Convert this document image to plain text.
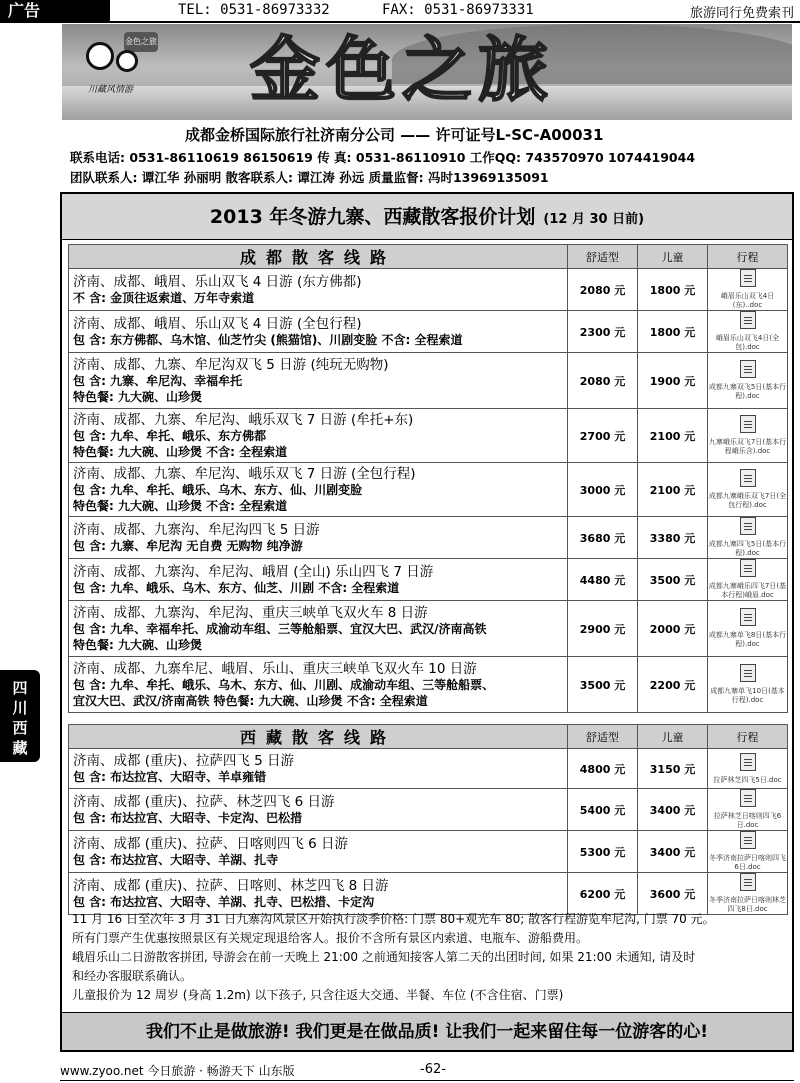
广告	TEL: 0531-86973332	FAX: 0531-86973331	旅游同行免费索刊
金色之旅
川藏风情游	金色之旅
成都金桥国际旅行社济南分公司 —— 许可证号L-SC-A00031
联系电话: 0531-86110619 86150619 传 真: 0531-86110910 工作QQ: 743570970 1074419044
团队联系人: 谭江华 孙丽明 散客联系人: 谭江涛 孙远 质量监督: 冯时13969135091
四川西藏
2013 年冬游九寨、西藏散客报价计划 (12 月 30 日前)
成都散客线路	舒适型	儿童	行程

济南、成都、峨眉、乐山双飞 4 日游 (东方佛都)
不 含: 金顶往返索道、万年寺索道	2080 元	1800 元	峨眉乐山双飞4日(东)..doc

济南、成都、峨眉、乐山双飞 4 日游 (全包行程)
包 含: 东方佛都、乌木馆、仙芝竹尖 (熊猫馆)、川剧变脸 不含: 全程索道	2300 元	1800 元	峨眉乐山双飞4日(全包).doc

济南、成都、九寨、牟尼沟双飞 5 日游 (纯玩无购物)
包 含: 九寨、牟尼沟、幸福牟托
特色餐: 九大碗、山珍煲	2080 元	1900 元	成都九寨双飞5日(基本行程).doc

济南、成都、九寨、牟尼沟、峨乐双飞 7 日游 (牟托+东)
包 含: 九牟、牟托、峨乐、东方佛都
特色餐: 九大碗、山珍煲 不含: 全程索道	2700 元	2100 元	九寨峨乐双飞7日(基本行程峨乐含).doc

济南、成都、九寨、牟尼沟、峨乐双飞 7 日游 (全包行程)
包 含: 九牟、牟托、峨乐、乌木、东方、仙、川剧变脸
特色餐: 九大碗、山珍煲 不含: 全程索道	3000 元	2100 元	成都九寨峨乐双飞7日(全包行程).doc

济南、成都、九寨沟、牟尼沟四飞 5 日游
包 含: 九寨、牟尼沟 无自费 无购物 纯净游	3680 元	3380 元	成都九寨四飞5日(基本行程).doc

济南、成都、九寨沟、牟尼沟、峨眉 (全山) 乐山四飞 7 日游
包 含: 九牟、峨乐、乌木、东方、仙芝、川剧 不含: 全程索道	4480 元	3500 元	成都九寨峨乐四飞7日(基本行程)峨眉.doc

济南、成都、九寨沟、牟尼沟、重庆三峡单飞双火车 8 日游
包 含: 九牟、幸福牟托、成渝动车组、三等舱船票、宜汉大巴、武汉/济南高铁
特色餐: 九大碗、山珍煲	2900 元	2000 元	成都九寨单飞8日(基本行程).doc

济南、成都、九寨牟尼、峨眉、乐山、重庆三峡单飞双火车 10 日游
包 含: 九牟、牟托、峨乐、乌木、东方、仙、川剧、成渝动车组、三等舱船票、
宜汉大巴、武汉/济南高铁 特色餐: 九大碗、山珍煲 不含: 全程索道	3500 元	2200 元	成都九寨单飞10日(基本行程).doc
西藏散客线路	舒适型	儿童	行程

济南、成都 (重庆)、拉萨四飞 5 日游
包 含: 布达拉宫、大昭寺、羊卓雍错	4800 元	3150 元	拉萨林芝四飞5日.doc

济南、成都 (重庆)、拉萨、林芝四飞 6 日游
包 含: 布达拉宫、大昭寺、卡定沟、巴松措	5400 元	3400 元	拉萨林芝日喀则四飞6日.doc

济南、成都 (重庆)、拉萨、日喀则四飞 6 日游
包 含: 布达拉宫、大昭寺、羊湖、扎寺	5300 元	3400 元	冬季济南拉萨日喀则四飞6日.doc

济南、成都 (重庆)、拉萨、日喀则、林芝四飞 8 日游
包 含: 布达拉宫、大昭寺、羊湖、扎寺、巴松措、卡定沟	6200 元	3600 元	冬季济南拉萨日喀则林芝四飞8日.doc
11 月 16 日至次年 3 月 31 日九寨沟风景区开始执行淡季价格: 门票 80+观光车 80; 散客行程游览牟尼沟, 门票 70 元。
所有门票产生优惠按照景区有关规定现退给客人。报价不含所有景区内索道、电瓶车、游船费用。
峨眉乐山二日游散客拼团, 导游会在前一天晚上 21:00 之前通知接客人第二天的出团时间, 如果 21:00 未通知, 请及时
和经办客服联系确认。
儿童报价为 12 周岁 (身高 1.2m) 以下孩子, 只含往返大交通、半餐、车位 (不含住宿、门票)
我们不止是做旅游! 我们更是在做品质! 让我们一起来留住每一位游客的心!
www.zyoo.net 今日旅游 · 畅游天下 山东版	-62-
